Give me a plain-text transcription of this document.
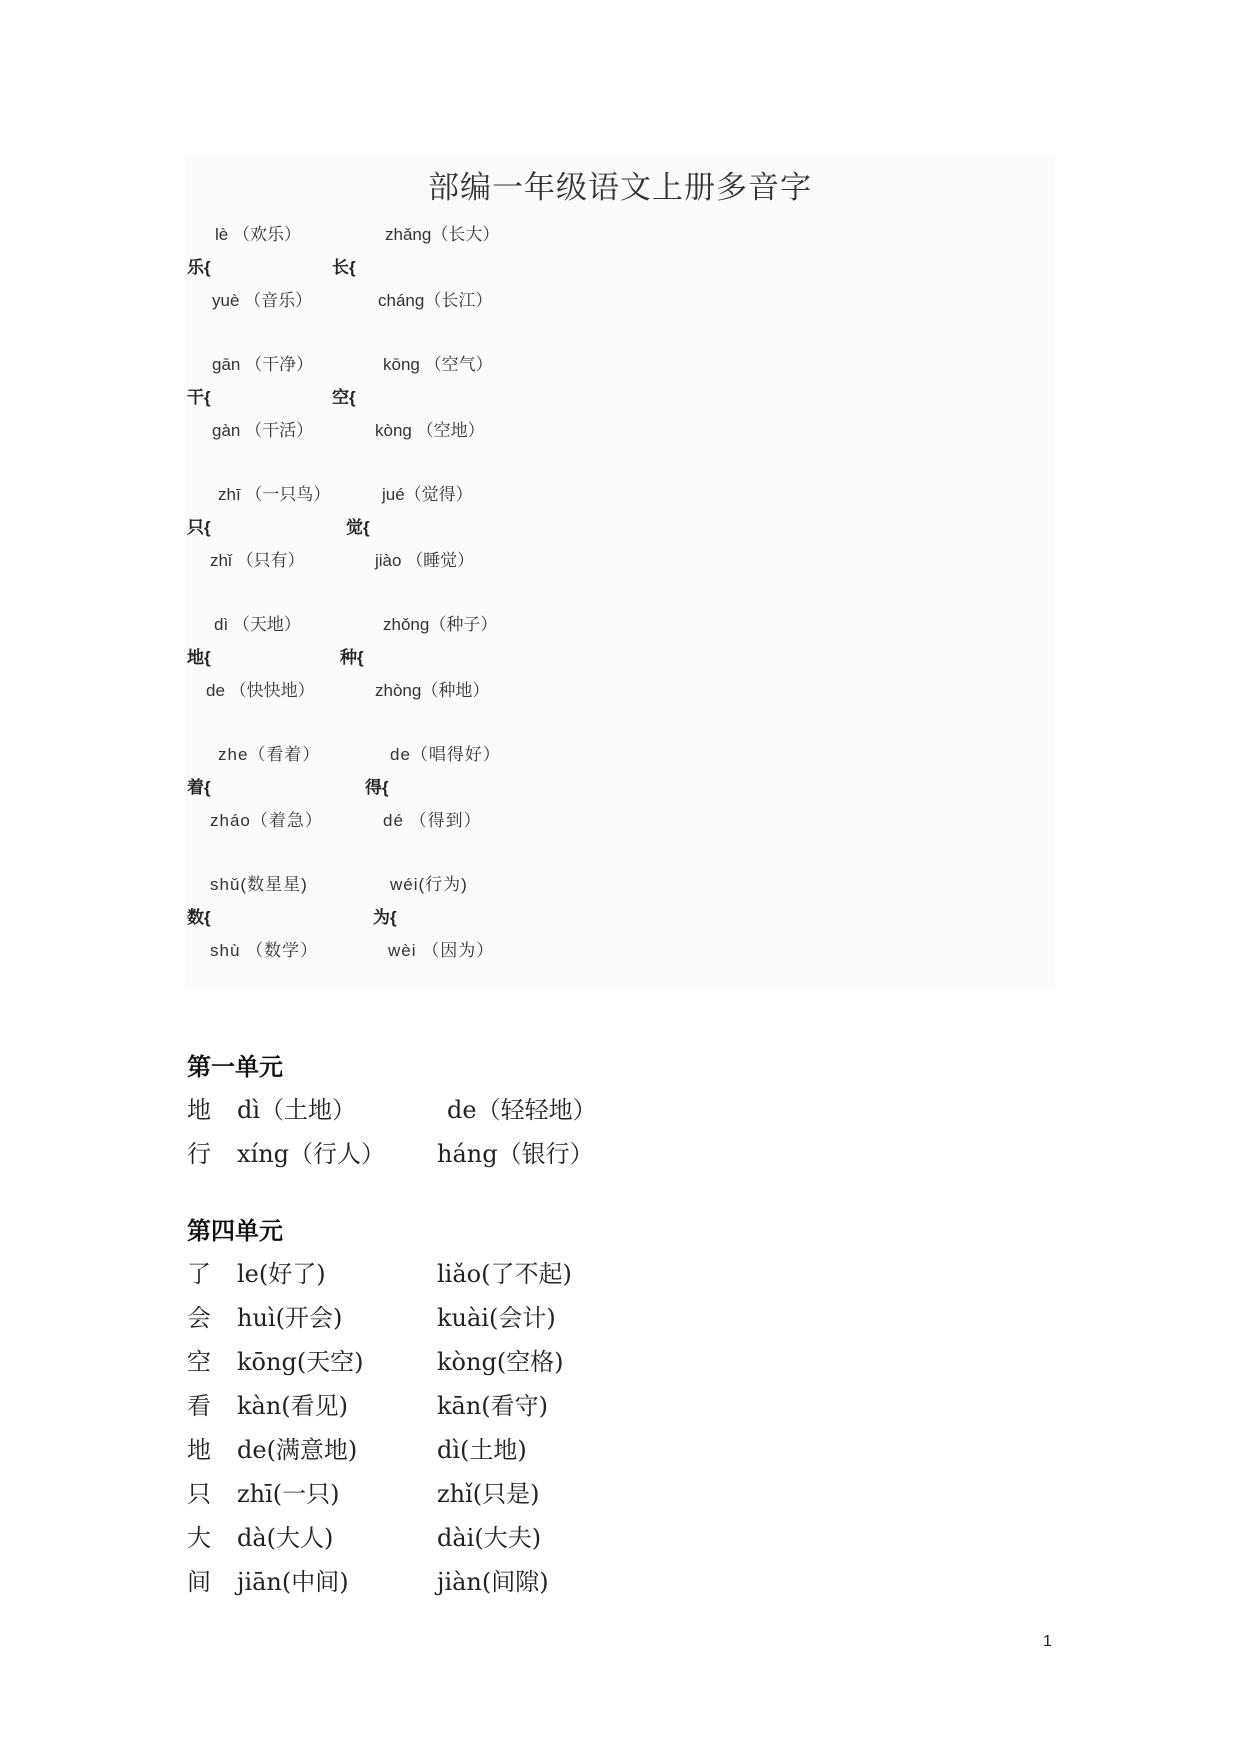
部编一年级语文上册多音字
lè （欢乐）
乐{
yuè （音乐）
zhǎng（长大）
长{
cháng（长江）
gān （干净）
干{
gàn （干活）
kōng （空气）
空{
kòng （空地）
zhī （一只鸟）
只{
zhǐ （只有）
jué（觉得）
觉{
jiào （睡觉）
dì （天地）
地{
de （快快地）
zhǒng（种子）
种{
zhòng（种地）
zhe（看着）
着{
zháo（着急）
de（唱得好）
得{
dé （得到）
shǔ(数星星)
数{
shù （数学）
wéi(行为)
为{
wèi （因为）
第一单元
地 dì（土地）	de（轻轻地）
行 xíng（行人） háng（银行）
第四单元
了 le(好了)	liǎo(了不起)
会 huì(开会)	kuài(会计)
空 kōng(天空)	kòng(空格)
看 kàn(看见)	kān(看守)
地 de(满意地)	dì(土地)
只 zhī(一只)	zhǐ(只是)
大 dà(大人)	dài(大夫)
间 jiān(中间)	jiàn(间隙)
1
